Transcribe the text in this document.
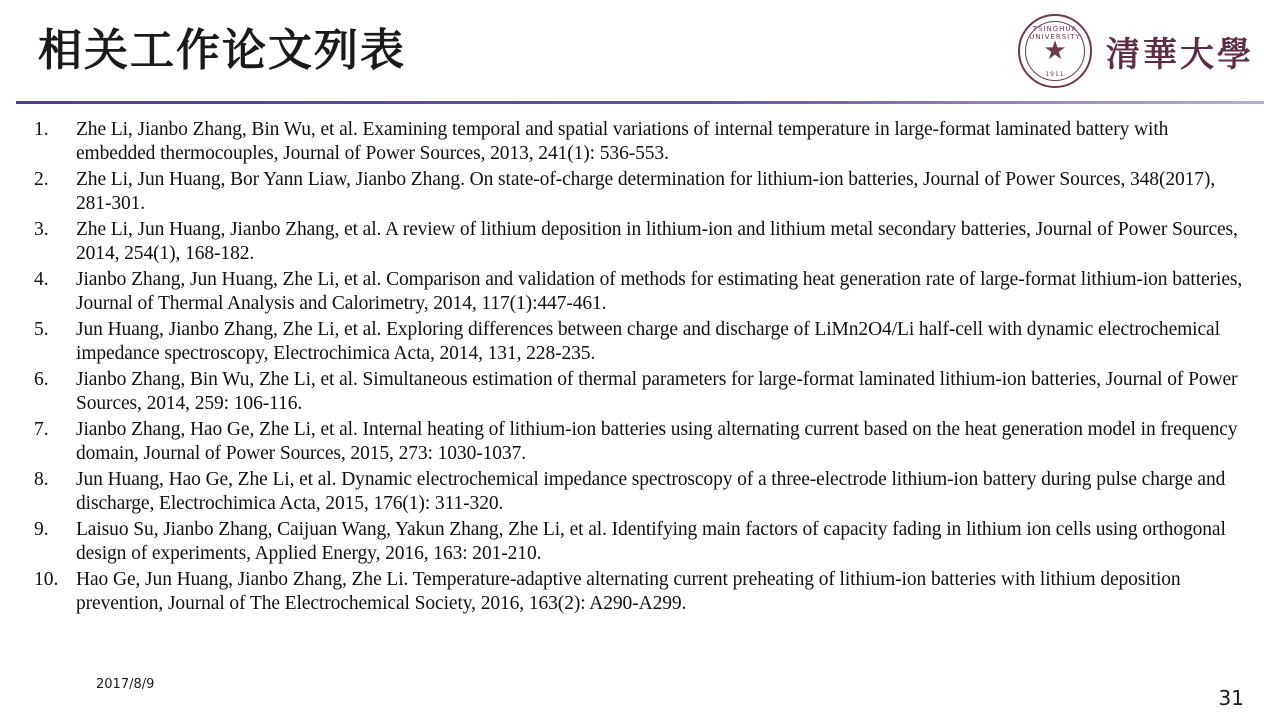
相关工作论文列表	TSINGHUA UNIVERSITY
★
1911	清華大學
1.	Zhe Li, Jianbo Zhang, Bin Wu, et al. Examining temporal and spatial variations of internal temperature in large-format laminated battery with embedded thermocouples, Journal of Power Sources, 2013, 241(1): 536-553.
2.	Zhe Li, Jun Huang, Bor Yann Liaw, Jianbo Zhang. On state-of-charge determination for lithium-ion batteries, Journal of Power Sources, 348(2017), 281-301.
3.	Zhe Li, Jun Huang, Jianbo Zhang, et al. A review of lithium deposition in lithium-ion and lithium metal secondary batteries, Journal of Power Sources, 2014, 254(1), 168-182.
4.	Jianbo Zhang, Jun Huang, Zhe Li, et al. Comparison and validation of methods for estimating heat generation rate of large-format lithium-ion batteries, Journal of Thermal Analysis and Calorimetry, 2014, 117(1):447-461.
5.	Jun Huang, Jianbo Zhang, Zhe Li, et al. Exploring differences between charge and discharge of LiMn2O4/Li half-cell with dynamic electrochemical impedance spectroscopy, Electrochimica Acta, 2014, 131, 228-235.
6.	Jianbo Zhang, Bin Wu, Zhe Li, et al. Simultaneous estimation of thermal parameters for large-format laminated lithium-ion batteries, Journal of Power Sources, 2014, 259: 106-116.
7.	Jianbo Zhang, Hao Ge, Zhe Li, et al. Internal heating of lithium-ion batteries using alternating current based on the heat generation model in frequency domain, Journal of Power Sources, 2015, 273: 1030-1037.
8.	Jun Huang, Hao Ge, Zhe Li, et al. Dynamic electrochemical impedance spectroscopy of a three-electrode lithium-ion battery during pulse charge and discharge, Electrochimica Acta, 2015, 176(1): 311-320.
9.	Laisuo Su, Jianbo Zhang, Caijuan Wang, Yakun Zhang, Zhe Li, et al. Identifying main factors of capacity fading in lithium ion cells using orthogonal design of experiments, Applied Energy, 2016, 163: 201-210.
10. Hao Ge, Jun Huang, Jianbo Zhang, Zhe Li. Temperature-adaptive alternating current preheating of lithium-ion batteries with lithium deposition prevention, Journal of The Electrochemical Society, 2016, 163(2): A290-A299.
2017/8/9
31
